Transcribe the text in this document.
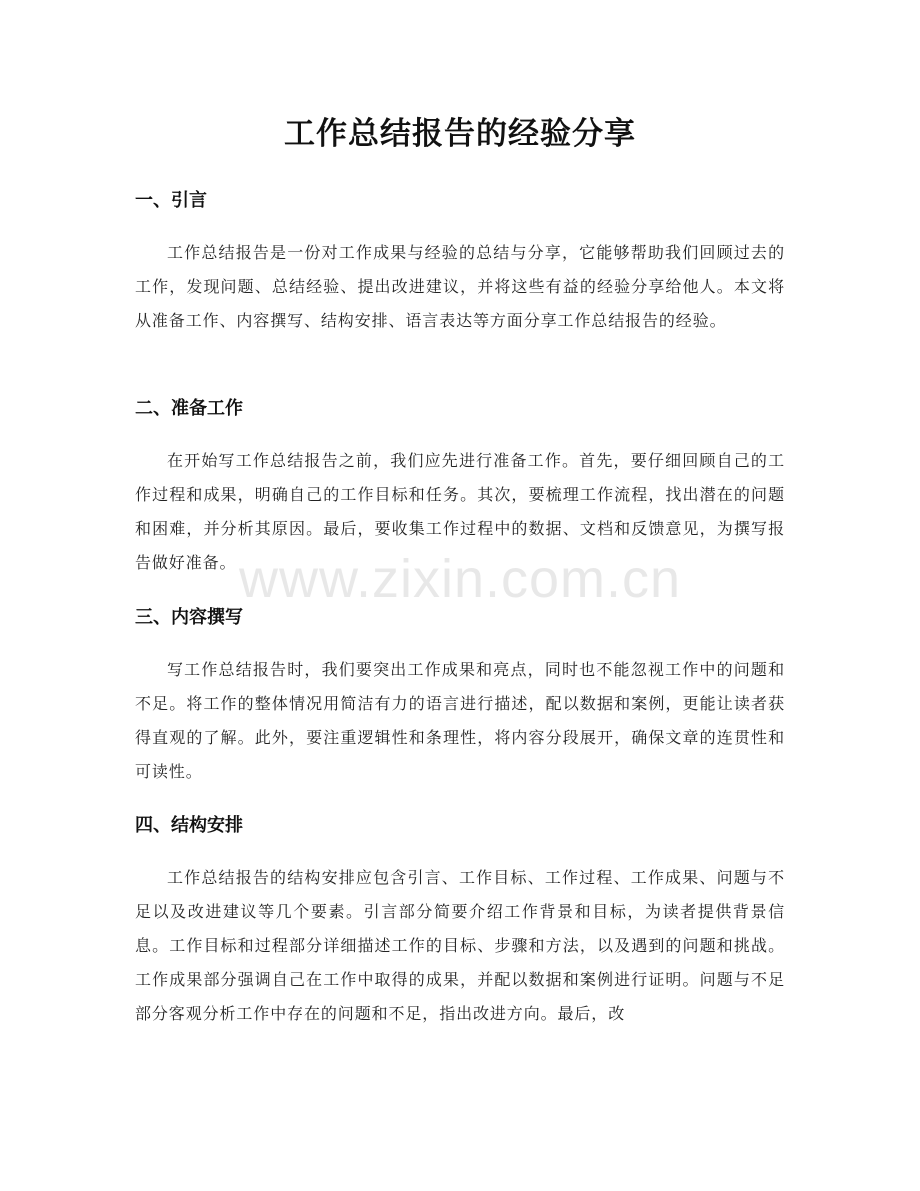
工作总结报告的经验分享
一、引言

工作总结报告是一份对工作成果与经验的总结与分享，它能够帮助我们回顾过去的工作，发现问题、总结经验、提出改进建议，并将这些有益的经验分享给他人。本文将从准备工作、内容撰写、结构安排、语言表达等方面分享工作总结报告的经验。

二、准备工作

在开始写工作总结报告之前，我们应先进行准备工作。首先，要仔细回顾自己的工作过程和成果，明确自己的工作目标和任务。其次，要梳理工作流程，找出潜在的问题和困难，并分析其原因。最后，要收集工作过程中的数据、文档和反馈意见，为撰写报告做好准备。

三、内容撰写

写工作总结报告时，我们要突出工作成果和亮点，同时也不能忽视工作中的问题和不足。将工作的整体情况用简洁有力的语言进行描述，配以数据和案例，更能让读者获得直观的了解。此外，要注重逻辑性和条理性，将内容分段展开，确保文章的连贯性和可读性。

四、结构安排

工作总结报告的结构安排应包含引言、工作目标、工作过程、工作成果、问题与不足以及改进建议等几个要素。引言部分简要介绍工作背景和目标，为读者提供背景信息。工作目标和过程部分详细描述工作的目标、步骤和方法，以及遇到的问题和挑战。工作成果部分强调自己在工作中取得的成果，并配以数据和案例进行证明。问题与不足部分客观分析工作中存在的问题和不足，指出改进方向。最后，改

www.zixin.com.cn
